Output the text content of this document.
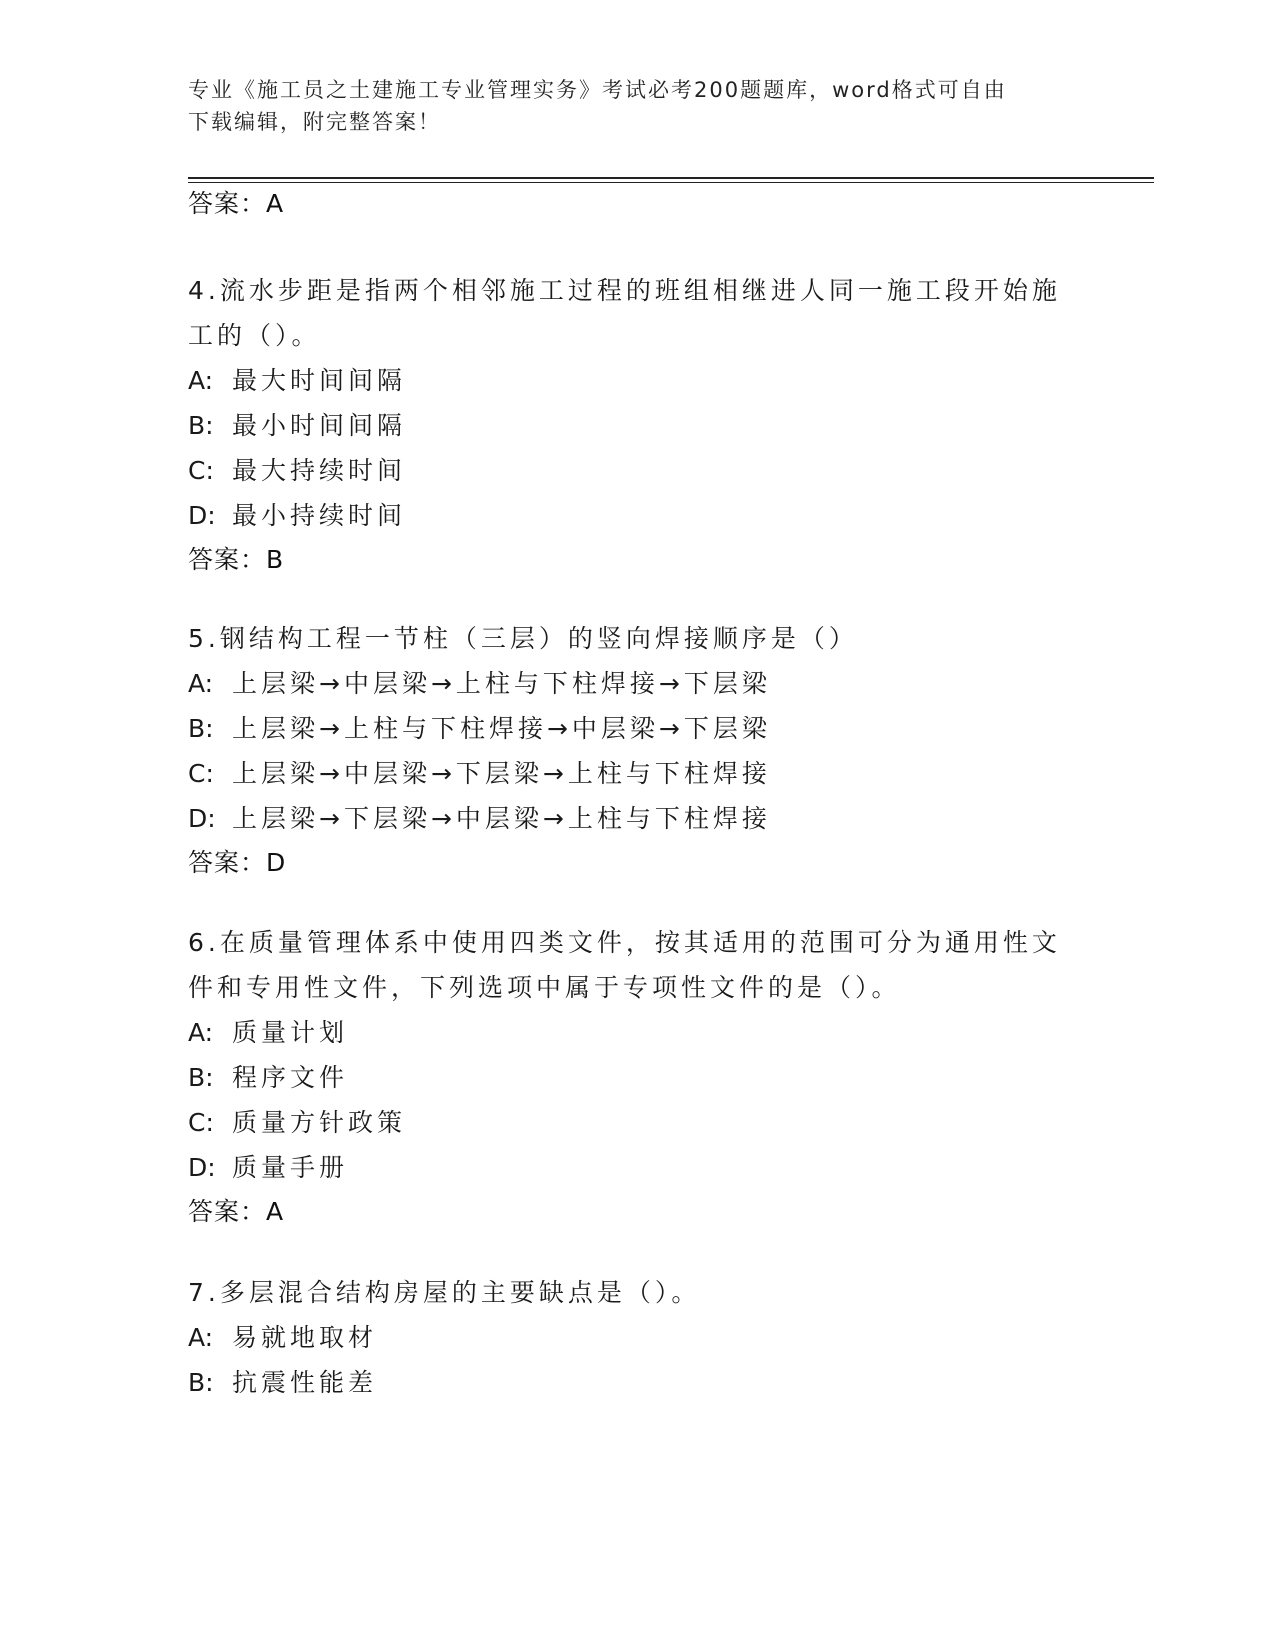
专业《施工员之土建施工专业管理实务》考试必考200题题库，word格式可自由
下载编辑，附完整答案！

答案：A

4.流水步距是指两个相邻施工过程的班组相继进人同一施工段开始施

工的（）。

A: 最大时间间隔

B: 最小时间间隔

C: 最大持续时间

D: 最小持续时间

答案：B

5.钢结构工程一节柱（三层）的竖向焊接顺序是（）

A: 上层梁→中层梁→上柱与下柱焊接→下层梁

B: 上层梁→上柱与下柱焊接→中层梁→下层梁

C: 上层梁→中层梁→下层梁→上柱与下柱焊接

D: 上层梁→下层梁→中层梁→上柱与下柱焊接

答案：D

6.在质量管理体系中使用四类文件，按其适用的范围可分为通用性文

件和专用性文件，下列选项中属于专项性文件的是（）。

A: 质量计划

B: 程序文件

C: 质量方针政策

D: 质量手册

答案：A

7.多层混合结构房屋的主要缺点是（）。

A: 易就地取材

B: 抗震性能差
